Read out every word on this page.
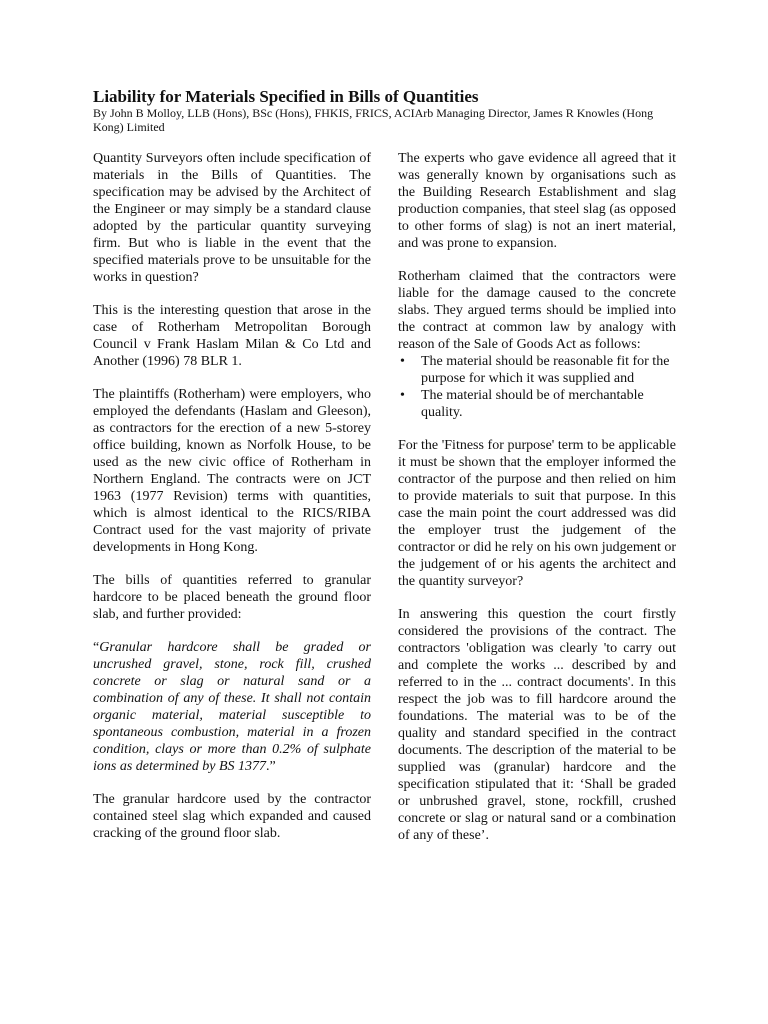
Liability for Materials Specified in Bills of Quantities

By John B Molloy, LLB (Hons), BSc (Hons), FHKIS, FRICS, ACIArb Managing Director, James R Knowles (Hong Kong) Limited

Quantity Surveyors often include specification of materials in the Bills of Quantities. The specification may be advised by the Architect of the Engineer or may simply be a standard clause adopted by the particular quantity surveying firm. But who is liable in the event that the specified materials prove to be unsuitable for the works in question?

This is the interesting question that arose in the case of Rotherham Metropolitan Borough Council v Frank Haslam Milan & Co Ltd and Another (1996) 78 BLR 1.

The plaintiffs (Rotherham) were employers, who employed the defendants (Haslam and Gleeson), as contractors for the erection of a new 5-storey office building, known as Norfolk House, to be used as the new civic office of Rotherham in Northern England. The contracts were on JCT 1963 (1977 Revision) terms with quantities, which is almost identical to the RICS/RIBA Contract used for the vast majority of private developments in Hong Kong.

The bills of quantities referred to granular hardcore to be placed beneath the ground floor slab, and further provided:

“Granular hardcore shall be graded or uncrushed gravel, stone, rock fill, crushed concrete or slag or natural sand or a combination of any of these. It shall not contain organic material, material susceptible to spontaneous combustion, material in a frozen condition, clays or more than 0.2% of sulphate ions as determined by BS 1377.”

The granular hardcore used by the contractor contained steel slag which expanded and caused cracking of the ground floor slab.

The experts who gave evidence all agreed that it was generally known by organisations such as the Building Research Establishment and slag production companies, that steel slag (as opposed to other forms of slag) is not an inert material, and was prone to expansion.

Rotherham claimed that the contractors were liable for the damage caused to the concrete slabs. They argued terms should be implied into the contract at common law by analogy with reason of the Sale of Goods Act as follows:

• The material should be reasonable fit for the purpose for which it was supplied and
• The material should be of merchantable quality.

For the 'Fitness for purpose' term to be applicable it must be shown that the employer informed the contractor of the purpose and then relied on him to provide materials to suit that purpose. In this case the main point the court addressed was did the employer trust the judgement of the contractor or did he rely on his own judgement or the judgement of or his agents the architect and the quantity surveyor?

In answering this question the court firstly considered the provisions of the contract. The contractors 'obligation was clearly 'to carry out and complete the works ... described by and referred to in the ... contract documents'. In this respect the job was to fill hardcore around the foundations. The material was to be of the quality and standard specified in the contract documents. The description of the material to be supplied was (granular) hardcore and the specification stipulated that it: ‘Shall be graded or unbrushed gravel, stone, rockfill, crushed concrete or slag or natural sand or a combination of any of these’.
